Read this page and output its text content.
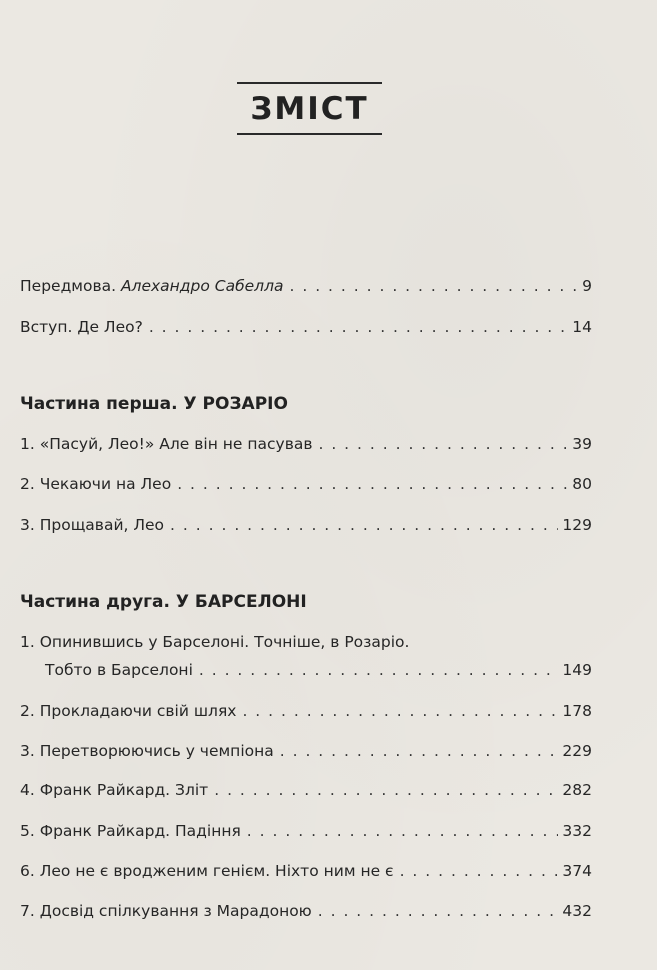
ЗМІСТ
Передмова. Алехандро Сабелла . . .	9
Вступ. Де Лео? . . .	14
Частина перша. У РОЗАРІО
1. «Пасуй, Лео!» Але він не пасував . . .	39
2. Чекаючи на Лео . . .	80
3. Прощавай, Лео . . .	129
Частина друга. У БАРСЕЛОНІ
1. Опинившись у Барселоні. Точніше, в Розаріо.
Тобто в Барселоні . . .	149
2. Прокладаючи свій шлях . . .	178
3. Перетворюючись у чемпіона . . .	229
4. Франк Райкард. Зліт . . .	282
5. Франк Райкард. Падіння . . .	332
6. Лео не є вродженим генієм. Ніхто ним не є . . .	374
7. Досвід спілкування з Марадоною . . .	432
